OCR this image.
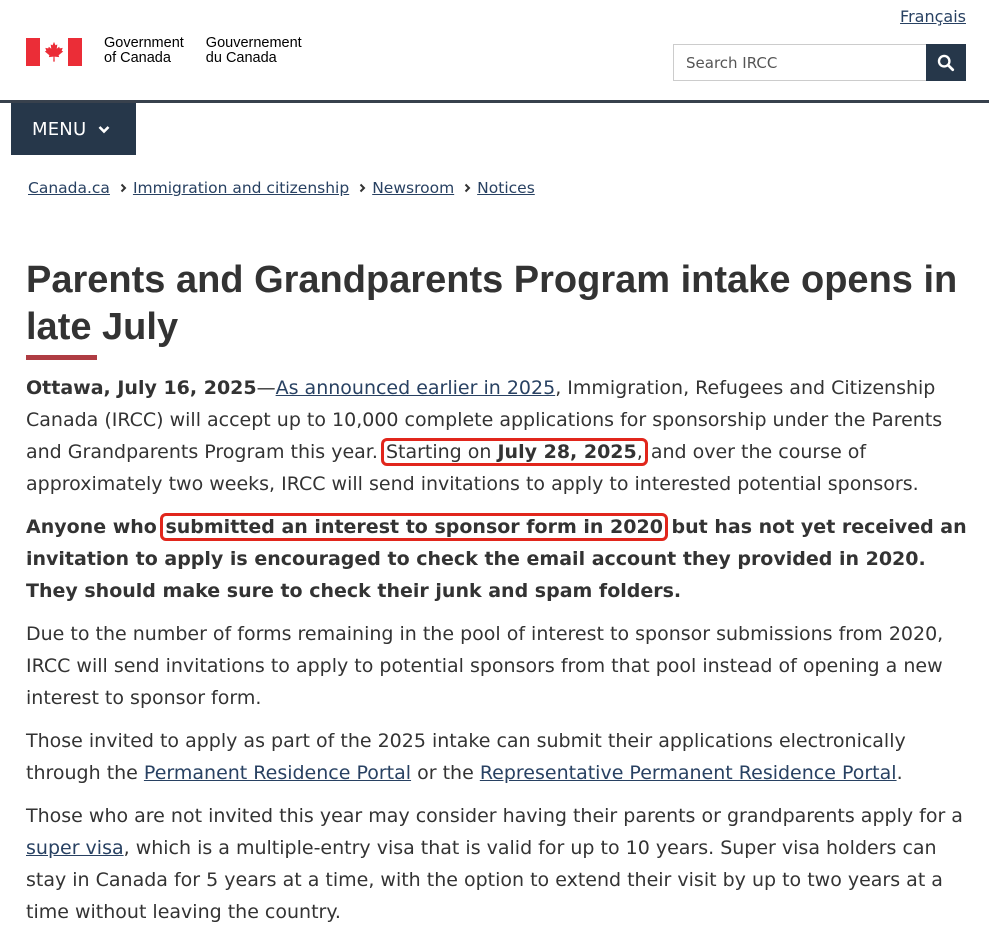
Français
Government
of Canada
Gouvernement
du Canada
Search IRCC
MENU
Canada.ca Immigration and citizenship Newsroom Notices
Parents and Grandparents Program intake opens in late July

Ottawa, July 16, 2025—As announced earlier in 2025, Immigration, Refugees and Citizenship Canada (IRCC) will accept up to 10,000 complete applications for sponsorship under the Parents and Grandparents Program this year. Starting on July 28, 2025, and over the course of approximately two weeks, IRCC will send invitations to apply to interested potential sponsors.

Anyone who submitted an interest to sponsor form in 2020 but has not yet received an invitation to apply is encouraged to check the email account they provided in 2020. They should make sure to check their junk and spam folders.

Due to the number of forms remaining in the pool of interest to sponsor submissions from 2020, IRCC will send invitations to apply to potential sponsors from that pool instead of opening a new interest to sponsor form.

Those invited to apply as part of the 2025 intake can submit their applications electronically through the Permanent Residence Portal or the Representative Permanent Residence Portal.

Those who are not invited this year may consider having their parents or grandparents apply for a super visa, which is a multiple-entry visa that is valid for up to 10 years. Super visa holders can stay in Canada for 5 years at a time, with the option to extend their visit by up to two years at a time without leaving the country.
